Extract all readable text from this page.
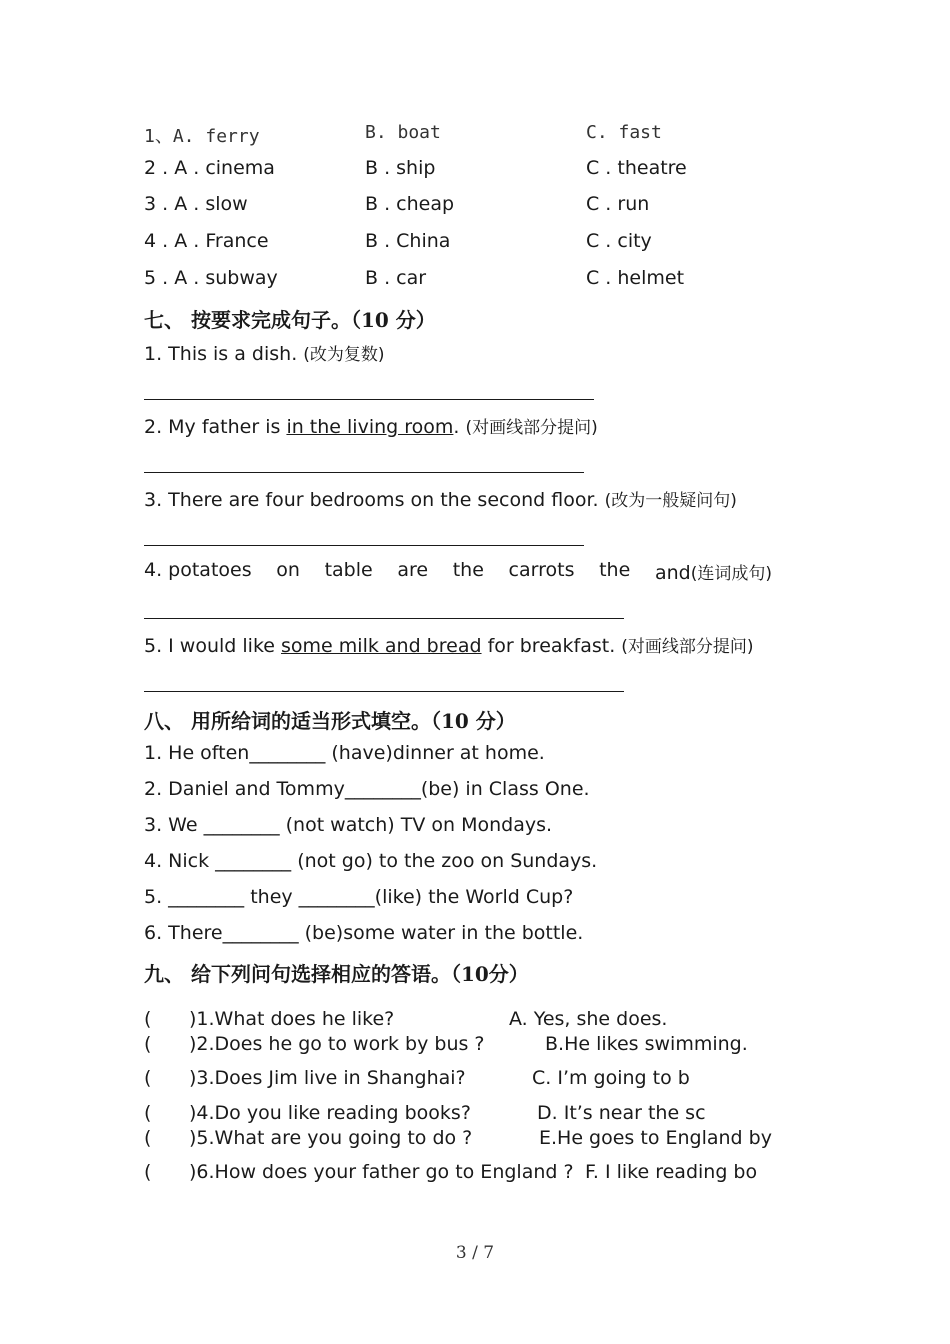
1、A. ferry	B. boat	C. fast
2 . A . cinema	B . ship	C . theatre
3 . A . slow	B . cheap	C . run
4 . A . France	B . China	C . city
5 . A . subway	B . car	C . helmet
七、 按要求完成句子。（10 分）
1. This is a dish. (改为复数)
2. My father is in the living room. (对画线部分提问)
3. There are four bedrooms on the second floor. (改为一般疑问句)
4. potatoes on table are the carrots the and(连词成句)
5. I would like some milk and bread for breakfast. (对画线部分提问)
八、 用所给词的适当形式填空。（10 分）
1. He often________ (have)dinner at home.
2. Daniel and Tommy________(be) in Class One.
3. We ________ (not watch) TV on Mondays.
4. Nick ________ (not go) to the zoo on Sundays.
5. ________ they ________(like) the World Cup?
6. There________ (be)some water in the bottle.
九、 给下列问句选择相应的答语。（10分）
( )1.What does he like?	A. Yes, she does.
( )2.Does he go to work by bus ?	B.He likes swimming.
( )3.Does Jim live in Shanghai?	C. I’m going to b
( )4.Do you like reading books?	D. It’s near the sc
( )5.What are you going to do ?	E.He goes to England by
( )6.How does your father go to England ? F. I like reading bo
3 / 7
